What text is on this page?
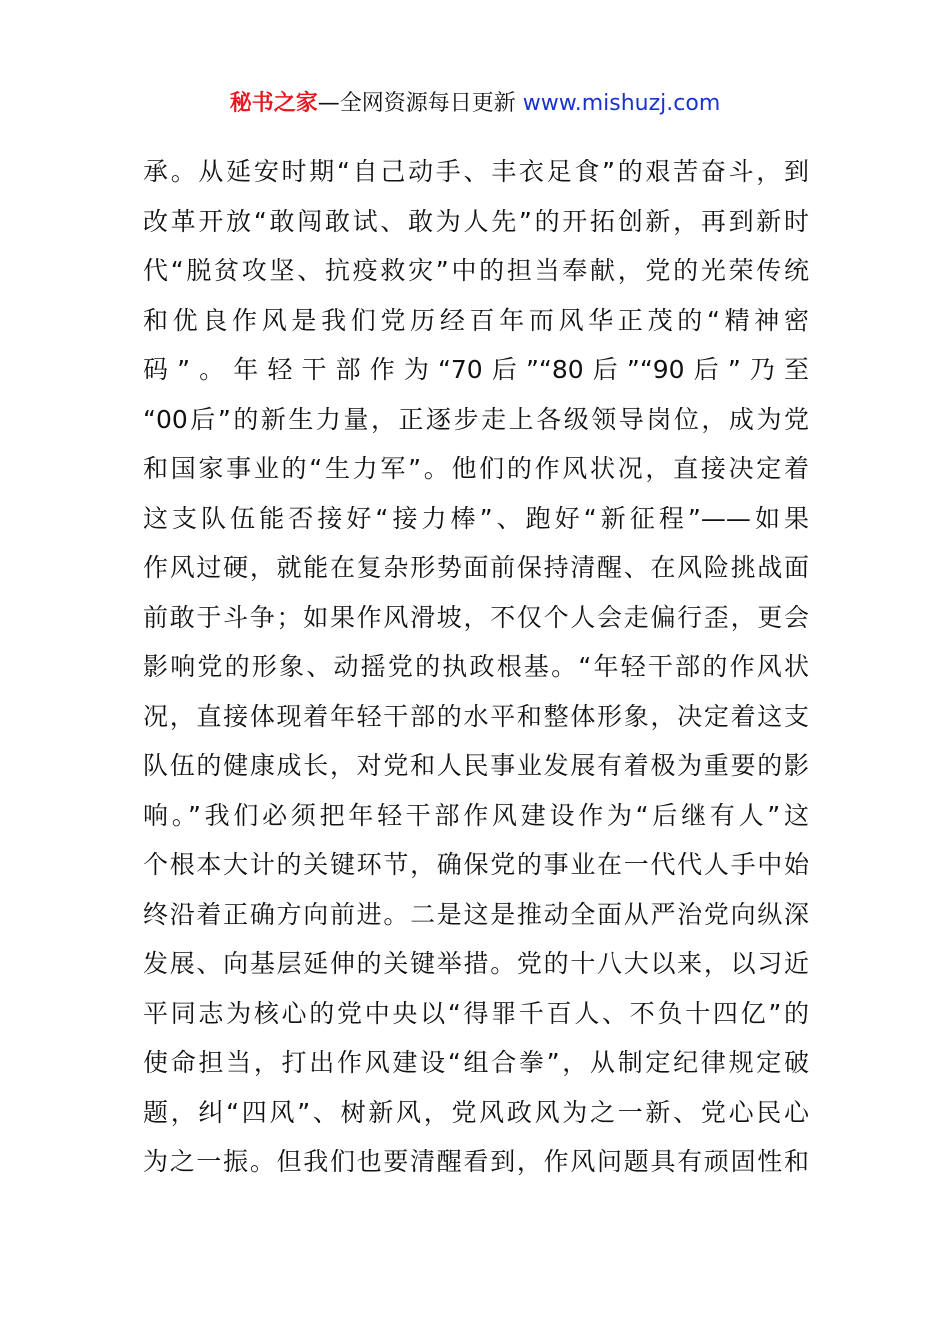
秘书之家—全网资源每日更新 www.mishuzj.com
承。从延安时期“自己动手、丰衣足食”的艰苦奋斗，到
改革开放“敢闯敢试、敢为人先”的开拓创新，再到新时
代“脱贫攻坚、抗疫救灾”中的担当奉献，党的光荣传统
和优良作风是我们党历经百年而风华正茂的“精神密
码”。年轻干部作为“70后”“80后”“90后”乃至
“00后”的新生力量，正逐步走上各级领导岗位，成为党
和国家事业的“生力军”。他们的作风状况，直接决定着
这支队伍能否接好“接力棒”、跑好“新征程”——如果
作风过硬，就能在复杂形势面前保持清醒、在风险挑战面
前敢于斗争；如果作风滑坡，不仅个人会走偏行歪，更会
影响党的形象、动摇党的执政根基。“年轻干部的作风状
况，直接体现着年轻干部的水平和整体形象，决定着这支
队伍的健康成长，对党和人民事业发展有着极为重要的影
响。”我们必须把年轻干部作风建设作为“后继有人”这
个根本大计的关键环节，确保党的事业在一代代人手中始
终沿着正确方向前进。二是这是推动全面从严治党向纵深
发展、向基层延伸的关键举措。党的十八大以来，以习近
平同志为核心的党中央以“得罪千百人、不负十四亿”的
使命担当，打出作风建设“组合拳”，从制定纪律规定破
题，纠“四风”、树新风，党风政风为之一新、党心民心
为之一振。但我们也要清醒看到，作风问题具有顽固性和
